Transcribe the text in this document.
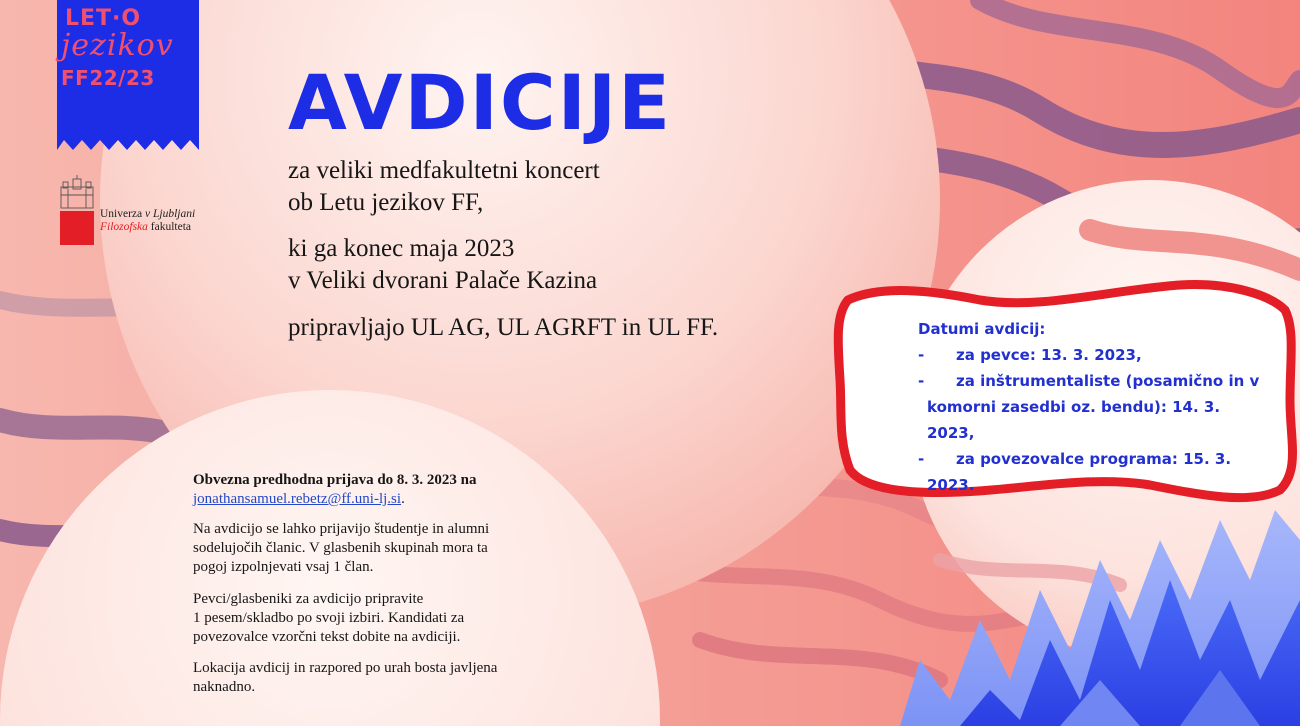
LET·O
jezikov
FF22/23
Univerza v Ljubljani
Filozofska fakulteta
AVDICIJE

za veliki medfakultetni koncert

ob Letu jezikov FF,

ki ga konec maja 2023

v Veliki dvorani Palače Kazina

pripravljajo UL AG, UL AGRFT in UL FF.

Obvezna predhodna prijava do 8. 3. 2023 na
jonathansamuel.rebetz@ff.uni-lj.si.
Na avdicijo se lahko prijavijo študentje in alumni
sodelujočih članic. V glasbenih skupinah mora ta
pogoj izpolnjevati vsaj 1 član.
Pevci/glasbeniki za avdicijo pripravite
1 pesem/skladbo po svoji izbiri. Kandidati za
povezovalce vzorčni tekst dobite na avdiciji.
Lokacija avdicij in razpored po urah bosta javljena
naknadno.
Datumi avdicij:
- za pevce: 13. 3. 2023,
- za inštrumentaliste (posamično in v
komorni zasedbi oz. bendu): 14. 3. 2023,
- za povezovalce programa: 15. 3.
2023.
